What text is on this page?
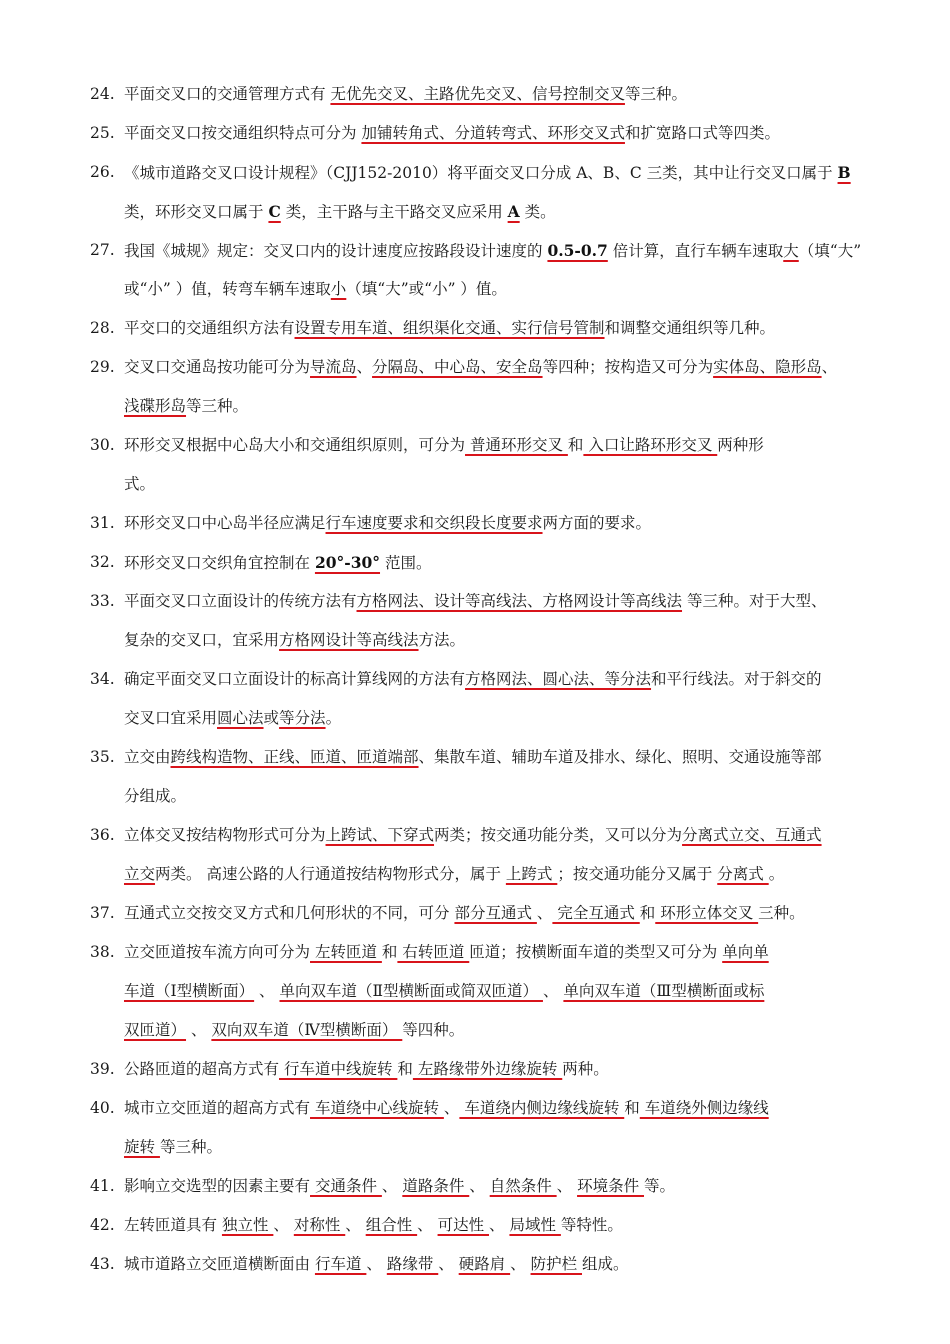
24. 平面交叉口的交通管理方式有 无优先交叉、主路优先交叉、信号控制交叉等三种。
25. 平面交叉口按交通组织特点可分为 加铺转角式、分道转弯式、环形交叉式和扩宽路口式等四类。
26. 《城市道路交叉口设计规程》（CJJ152-2010）将平面交叉口分成 A、B、C 三类，其中让行交叉口属于 B
类，环形交叉口属于 C 类，主干路与主干路交叉应采用 A 类。
27. 我国《城规》规定：交叉口内的设计速度应按路段设计速度的 0.5-0.7 倍计算，直行车辆车速取大（填“大”
或“小” ）值，转弯车辆车速取小（填“大”或“小” ）值。
28. 平交口的交通组织方法有设置专用车道、组织渠化交通、实行信号管制和调整交通组织等几种。
29. 交叉口交通岛按功能可分为导流岛、分隔岛、中心岛、安全岛等四种；按构造又可分为实体岛、隐形岛、
浅碟形岛等三种。
30. 环形交叉根据中心岛大小和交通组织原则，可分为 普通环形交叉 和 入口让路环形交叉 两种形
式。
31. 环形交叉口中心岛半径应满足行车速度要求和交织段长度要求两方面的要求。
32. 环形交叉口交织角宜控制在 20°-30° 范围。
33. 平面交叉口立面设计的传统方法有方格网法、设计等高线法、方格网设计等高线法 等三种。对于大型、
复杂的交叉口，宜采用方格网设计等高线法方法。
34. 确定平面交叉口立面设计的标高计算线网的方法有方格网法、圆心法、等分法和平行线法。对于斜交的
交叉口宜采用圆心法或等分法。
35. 立交由跨线构造物、正线、匝道、匝道端部、集散车道、辅助车道及排水、绿化、照明、交通设施等部
分组成。
36. 立体交叉按结构物形式可分为上跨试、下穿式两类；按交通功能分类，又可以分为分离式立交、互通式
立交两类。 高速公路的人行通道按结构物形式分，属于 上跨式 ；按交通功能分又属于 分离式 。
37. 互通式立交按交叉方式和几何形状的不同，可分 部分互通式 、 完全互通式 和 环形立体交叉 三种。
38. 立交匝道按车流方向可分为 左转匝道 和 右转匝道 匝道；按横断面车道的类型又可分为 单向单
车道（Ⅰ型横断面） 、 单向双车道（Ⅱ型横断面或简双匝道） 、 单向双车道（Ⅲ型横断面或标
双匝道） 、 双向双车道（Ⅳ型横断面） 等四种。
39. 公路匝道的超高方式有 行车道中线旋转 和 左路缘带外边缘旋转 两种。
40. 城市立交匝道的超高方式有 车道绕中心线旋转 、 车道绕内侧边缘线旋转 和 车道绕外侧边缘线
旋转 等三种。
41. 影响立交选型的因素主要有 交通条件 、 道路条件 、 自然条件 、 环境条件 等。
42. 左转匝道具有 独立性 、 对称性 、 组合性 、 可达性 、 局域性 等特性。
43. 城市道路立交匝道横断面由 行车道 、 路缘带 、 硬路肩 、 防护栏 组成。
